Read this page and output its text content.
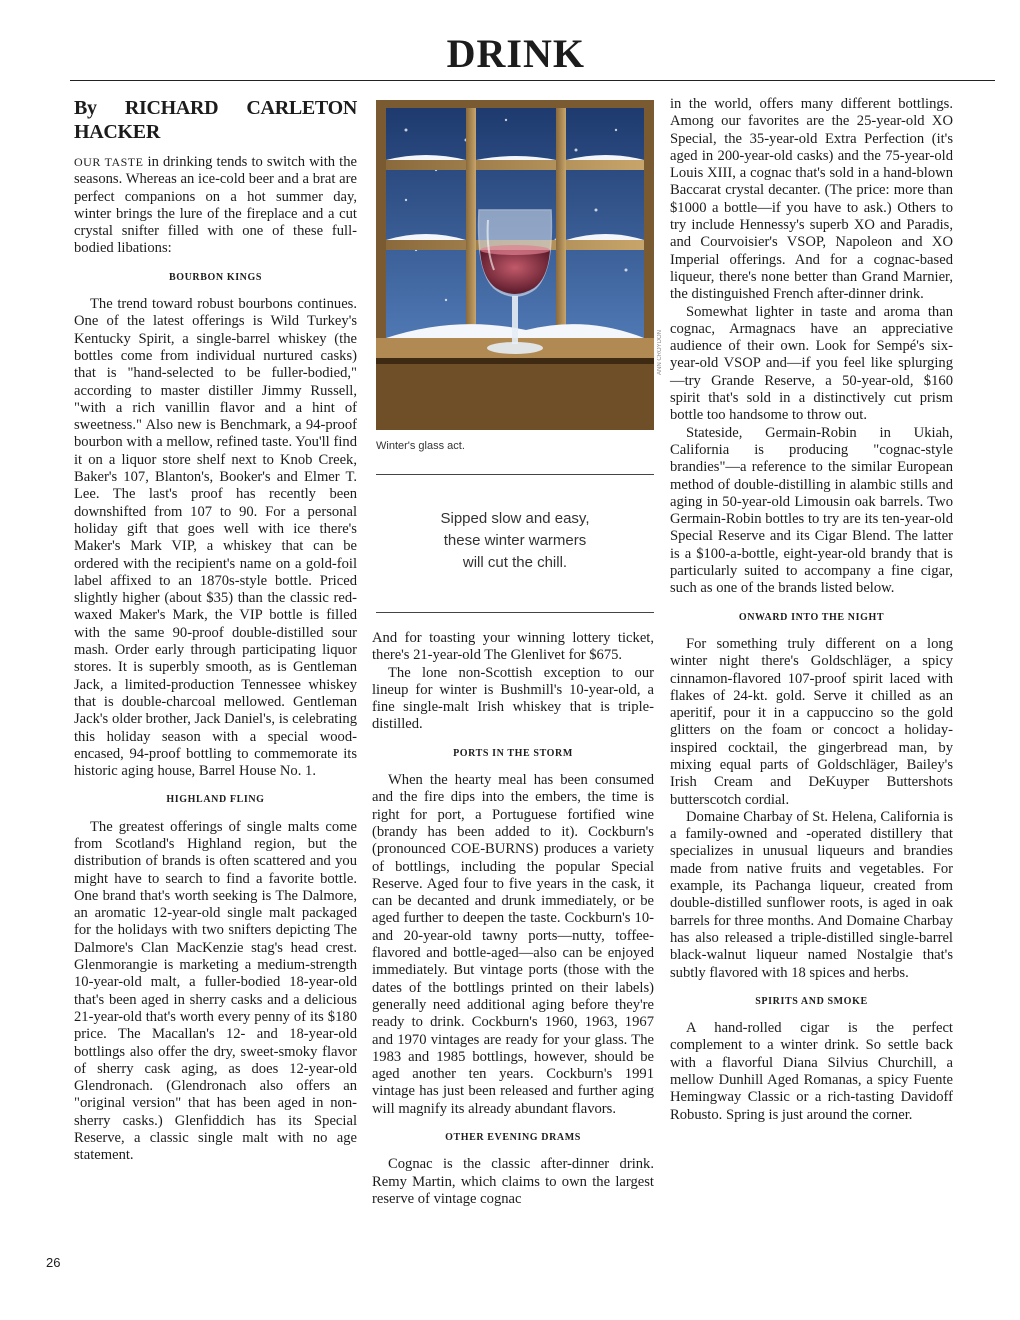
DRINK
By RICHARD CARLETON HACKER

OUR TASTE in drinking tends to switch with the seasons. Whereas an ice-cold beer and a brat are perfect companions on a hot summer day, winter brings the lure of the fireplace and a cut crystal snifter filled with one of these full-bodied libations:

BOURBON KINGS

The trend toward robust bourbons continues. One of the latest offerings is Wild Turkey's Kentucky Spirit, a single-barrel whiskey (the bottles come from individual nurtured casks) that is "hand-selected to be fuller-bodied," according to master distiller Jimmy Russell, "with a rich vanillin flavor and a hint of sweetness." Also new is Benchmark, a 94-proof bourbon with a mellow, refined taste. You'll find it on a liquor store shelf next to Knob Creek, Baker's 107, Blanton's, Booker's and Elmer T. Lee. The last's proof has recently been downshifted from 107 to 90. For a personal holiday gift that goes well with ice there's Maker's Mark VIP, a whiskey that can be ordered with the recipient's name on a gold-foil label affixed to an 1870s-style bottle. Priced slightly higher (about $35) than the classic red-waxed Maker's Mark, the VIP bottle is filled with the same 90-proof double-distilled sour mash. Order early through participating liquor stores. It is superbly smooth, as is Gentleman Jack, a limited-production Tennessee whiskey that is double-charcoal mellowed. Gentleman Jack's older brother, Jack Daniel's, is celebrating this holiday season with a special wood-encased, 94-proof bottling to commemorate its historic aging house, Barrel House No. 1.

HIGHLAND FLING

The greatest offerings of single malts come from Scotland's Highland region, but the distribution of brands is often scattered and you might have to search to find a favorite bottle. One brand that's worth seeking is The Dalmore, an aromatic 12-year-old single malt packaged for the holidays with two snifters depicting The Dalmore's Clan MacKenzie stag's head crest. Glenmorangie is marketing a medium-strength 10-year-old malt, a fuller-bodied 18-year-old that's been aged in sherry casks and a delicious 21-year-old that's worth every penny of its $180 price. The Macallan's 12- and 18-year-old bottlings also offer the dry, sweet-smoky flavor of sherry cask aging, as does 12-year-old Glendronach. (Glendronach also offers an "original version" that has been aged in non-sherry casks.) Glenfiddich has its Special Reserve, a classic single malt with no age statement.

ANN CROYDON
Winter's glass act.
Sipped slow and easy,
these winter warmers
will cut the chill.

And for toasting your winning lottery ticket, there's 21-year-old The Glenlivet for $675.

The lone non-Scottish exception to our lineup for winter is Bushmill's 10-year-old, a fine single-malt Irish whiskey that is triple-distilled.

PORTS IN THE STORM

When the hearty meal has been consumed and the fire dips into the embers, the time is right for port, a Portuguese fortified wine (brandy has been added to it). Cockburn's (pronounced COE-BURNS) produces a variety of bottlings, including the popular Special Reserve. Aged four to five years in the cask, it can be decanted and drunk immediately, or be aged further to deepen the taste. Cockburn's 10- and 20-year-old tawny ports—nutty, toffee-flavored and bottle-aged—also can be enjoyed immediately. But vintage ports (those with the dates of the bottlings printed on their labels) generally need additional aging before they're ready to drink. Cockburn's 1960, 1963, 1967 and 1970 vintages are ready for your glass. The 1983 and 1985 bottlings, however, should be aged another ten years. Cockburn's 1991 vintage has just been released and further aging will magnify its already abundant flavors.

OTHER EVENING DRAMS

Cognac is the classic after-dinner drink. Remy Martin, which claims to own the largest reserve of vintage cognac

in the world, offers many different bottlings. Among our favorites are the 25-year-old XO Special, the 35-year-old Extra Perfection (it's aged in 200-year-old casks) and the 75-year-old Louis XIII, a cognac that's sold in a hand-blown Baccarat crystal decanter. (The price: more than $1000 a bottle—if you have to ask.) Others to try include Hennessy's superb XO and Paradis, and Courvoisier's VSOP, Napoleon and XO Imperial offerings. And for a cognac-based liqueur, there's none better than Grand Marnier, the distinguished French after-dinner drink.

Somewhat lighter in taste and aroma than cognac, Armagnacs have an appreciative audience of their own. Look for Sempé's six-year-old VSOP and—if you feel like splurging—try Grande Reserve, a 50-year-old, $160 spirit that's sold in a distinctively cut prism bottle too handsome to throw out.

Stateside, Germain-Robin in Ukiah, California is producing "cognac-style brandies"—a reference to the similar European method of double-distilling in alambic stills and aging in 50-year-old Limousin oak barrels. Two Germain-Robin bottles to try are its ten-year-old Special Reserve and its Cigar Blend. The latter is a $100-a-bottle, eight-year-old brandy that is particularly suited to accompany a fine cigar, such as one of the brands listed below.

ONWARD INTO THE NIGHT

For something truly different on a long winter night there's Goldschläger, a spicy cinnamon-flavored 107-proof spirit laced with flakes of 24-kt. gold. Serve it chilled as an aperitif, pour it in a cappuccino so the gold glitters on the foam or concoct a holiday-inspired cocktail, the gingerbread man, by mixing equal parts of Goldschläger, Bailey's Irish Cream and DeKuyper Buttershots butterscotch cordial.

Domaine Charbay of St. Helena, California is a family-owned and -operated distillery that specializes in unusual liqueurs and brandies made from native fruits and vegetables. For example, its Pachanga liqueur, created from double-distilled sunflower roots, is aged in oak barrels for three months. And Domaine Charbay has also released a triple-distilled single-barrel black-walnut liqueur named Nostalgie that's subtly flavored with 18 spices and herbs.

SPIRITS AND SMOKE

A hand-rolled cigar is the perfect complement to a winter drink. So settle back with a flavorful Diana Silvius Churchill, a mellow Dunhill Aged Romanas, a spicy Fuente Hemingway Classic or a rich-tasting Davidoff Robusto. Spring is just around the corner.

26
